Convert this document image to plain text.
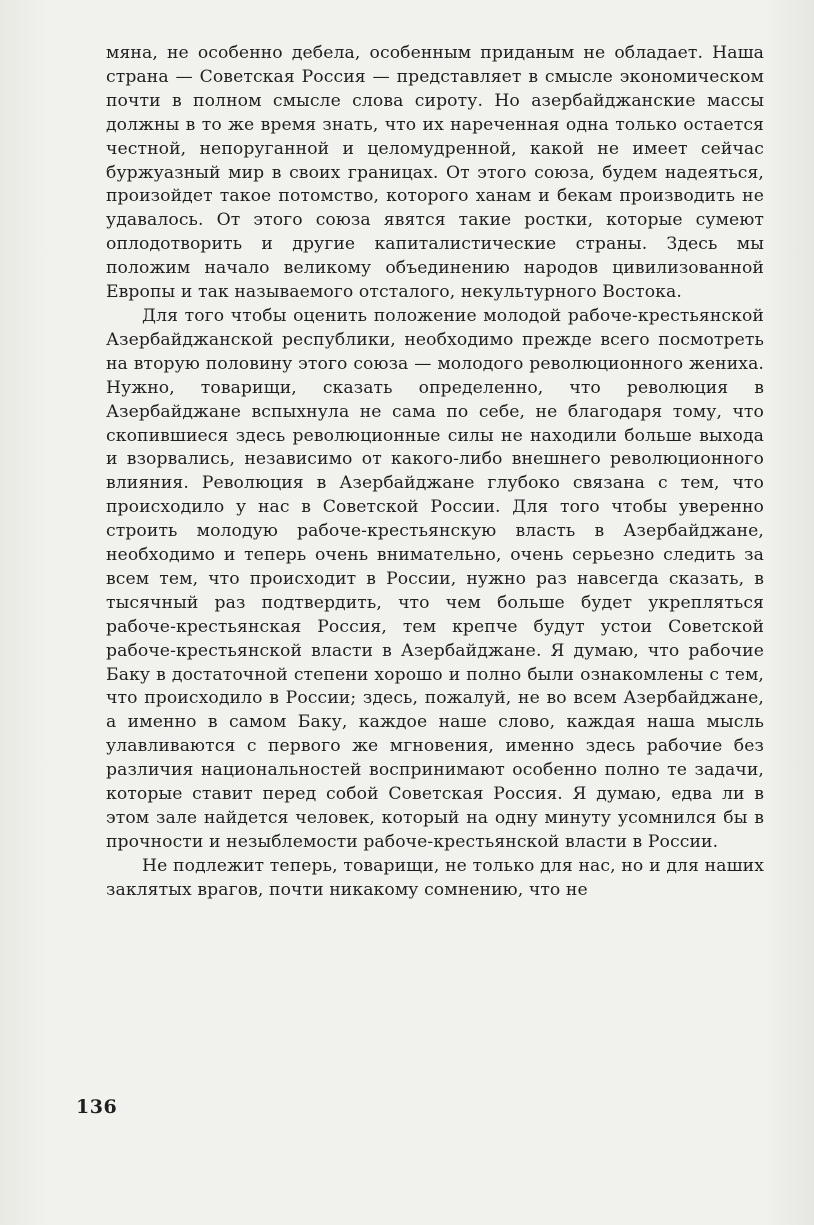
мяна, не особенно дебела, особенным приданым не обладает. Наша страна — Советская Россия — представляет в смысле экономическом почти в полном смысле слова сироту. Но азербайджанские массы должны в то же время знать, что их нареченная одна только остается честной, непоруганной и целомудренной, какой не имеет сейчас буржуазный мир в своих границах. От этого союза, будем надеяться, произойдет такое потомство, которого ханам и бекам производить не удавалось. От этого союза явятся такие ростки, которые сумеют оплодотворить и другие капиталистические страны. Здесь мы положим начало великому объединению народов цивилизованной Европы и так называемого отсталого, некультурного Востока.

Для того чтобы оценить положение молодой рабоче-крестьянской Азербайджанской республики, необходимо прежде всего посмотреть на вторую половину этого союза — молодого революционного жениха. Нужно, товарищи, сказать определенно, что революция в Азербайджане вспыхнула не сама по себе, не благодаря тому, что скопившиеся здесь революционные силы не находили больше выхода и взорвались, независимо от какого-либо внешнего революционного влияния. Революция в Азербайджане глубоко связана с тем, что происходило у нас в Советской России. Для того чтобы уверенно строить молодую рабоче-крестьянскую власть в Азербайджане, необходимо и теперь очень внимательно, очень серьезно следить за всем тем, что происходит в России, нужно раз навсегда сказать, в тысячный раз подтвердить, что чем больше будет укрепляться рабоче-крестьянская Россия, тем крепче будут устои Советской рабоче-крестьянской власти в Азербайджане. Я думаю, что рабочие Баку в достаточной степени хорошо и полно были ознакомлены с тем, что происходило в России; здесь, пожалуй, не во всем Азербайджане, а именно в самом Баку, каждое наше слово, каждая наша мысль улавливаются с первого же мгновения, именно здесь рабочие без различия национальностей воспринимают особенно полно те задачи, которые ставит перед собой Советская Россия. Я думаю, едва ли в этом зале найдется человек, который на одну минуту усомнился бы в прочности и незыблемости рабоче-крестьянской власти в России.

Не подлежит теперь, товарищи, не только для нас, но и для наших заклятых врагов, почти никакому сомнению, что не

136
